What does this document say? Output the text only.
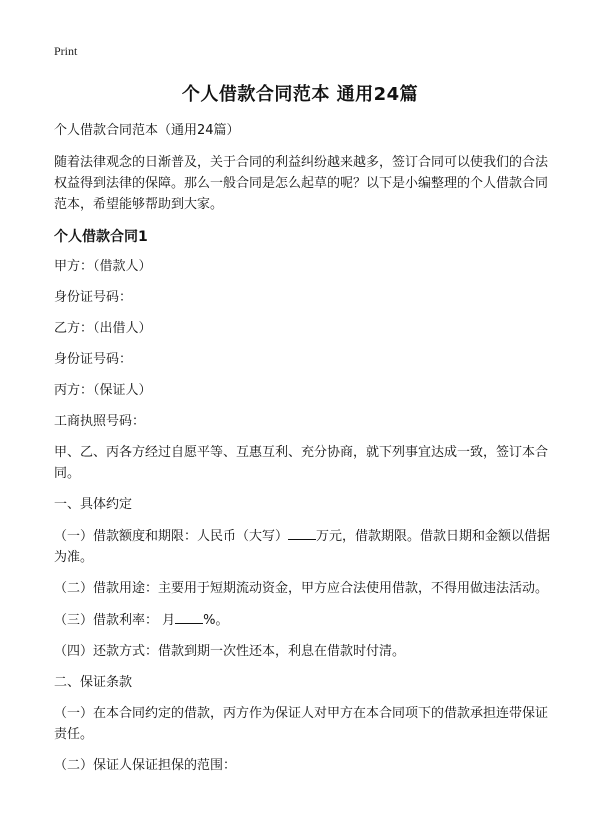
Print
个人借款合同范本 通用24篇

个人借款合同范本（通用24篇）

随着法律观念的日渐普及，关于合同的利益纠纷越来越多，签订合同可以使我们的合法权益得到法律的保障。那么一般合同是怎么起草的呢？以下是小编整理的个人借款合同范本，希望能够帮助到大家。

个人借款合同1

甲方：（借款人）

身份证号码：

乙方：（出借人）

身份证号码：

丙方：（保证人）

工商执照号码：

甲、乙、丙各方经过自愿平等、互惠互利、充分协商，就下列事宜达成一致，签订本合同。

一、具体约定

（一）借款额度和期限：人民币（大写） 万元，借款期限。借款日期和金额以借据为准。

（二）借款用途：主要用于短期流动资金，甲方应合法使用借款，不得用做违法活动。

（三）借款利率： 月 %。

（四）还款方式：借款到期一次性还本，利息在借款时付清。

二、保证条款

（一）在本合同约定的借款，丙方作为保证人对甲方在本合同项下的借款承担连带保证责任。

（二）保证人保证担保的范围：
